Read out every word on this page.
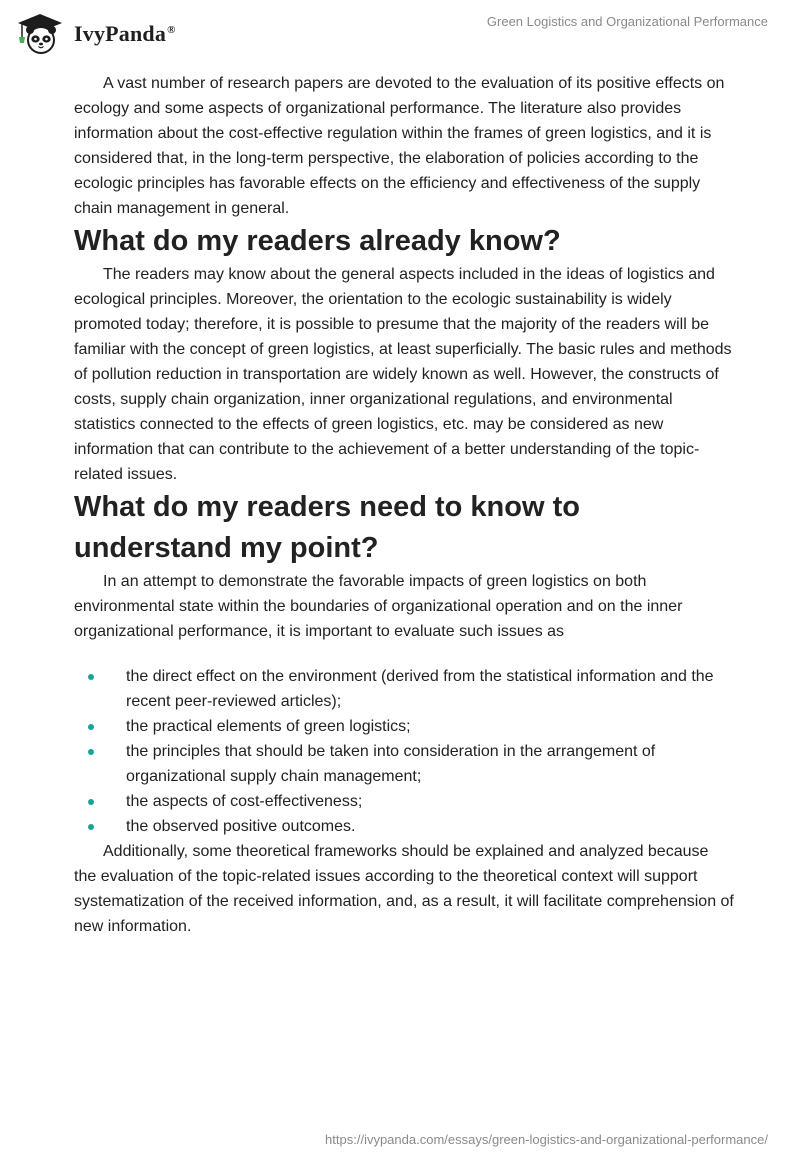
IvyPanda®
Green Logistics and Organizational Performance

A vast number of research papers are devoted to the evaluation of its positive effects on ecology and some aspects of organizational performance. The literature also provides information about the cost-effective regulation within the frames of green logistics, and it is considered that, in the long-term perspective, the elaboration of policies according to the ecologic principles has favorable effects on the efficiency and effectiveness of the supply chain management in general.

What do my readers already know?

The readers may know about the general aspects included in the ideas of logistics and ecological principles. Moreover, the orientation to the ecologic sustainability is widely promoted today; therefore, it is possible to presume that the majority of the readers will be familiar with the concept of green logistics, at least superficially. The basic rules and methods of pollution reduction in transportation are widely known as well. However, the constructs of costs, supply chain organization, inner organizational regulations, and environmental statistics connected to the effects of green logistics, etc. may be considered as new information that can contribute to the achievement of a better understanding of the topic-related issues.

What do my readers need to know to understand my point?

In an attempt to demonstrate the favorable impacts of green logistics on both environmental state within the boundaries of organizational operation and on the inner organizational performance, it is important to evaluate such issues as

the direct effect on the environment (derived from the statistical information and the recent peer-reviewed articles);
the practical elements of green logistics;
the principles that should be taken into consideration in the arrangement of organizational supply chain management;
the aspects of cost-effectiveness;
the observed positive outcomes.

Additionally, some theoretical frameworks should be explained and analyzed because the evaluation of the topic-related issues according to the theoretical context will support systematization of the received information, and, as a result, it will facilitate comprehension of new information.

https://ivypanda.com/essays/green-logistics-and-organizational-performance/
